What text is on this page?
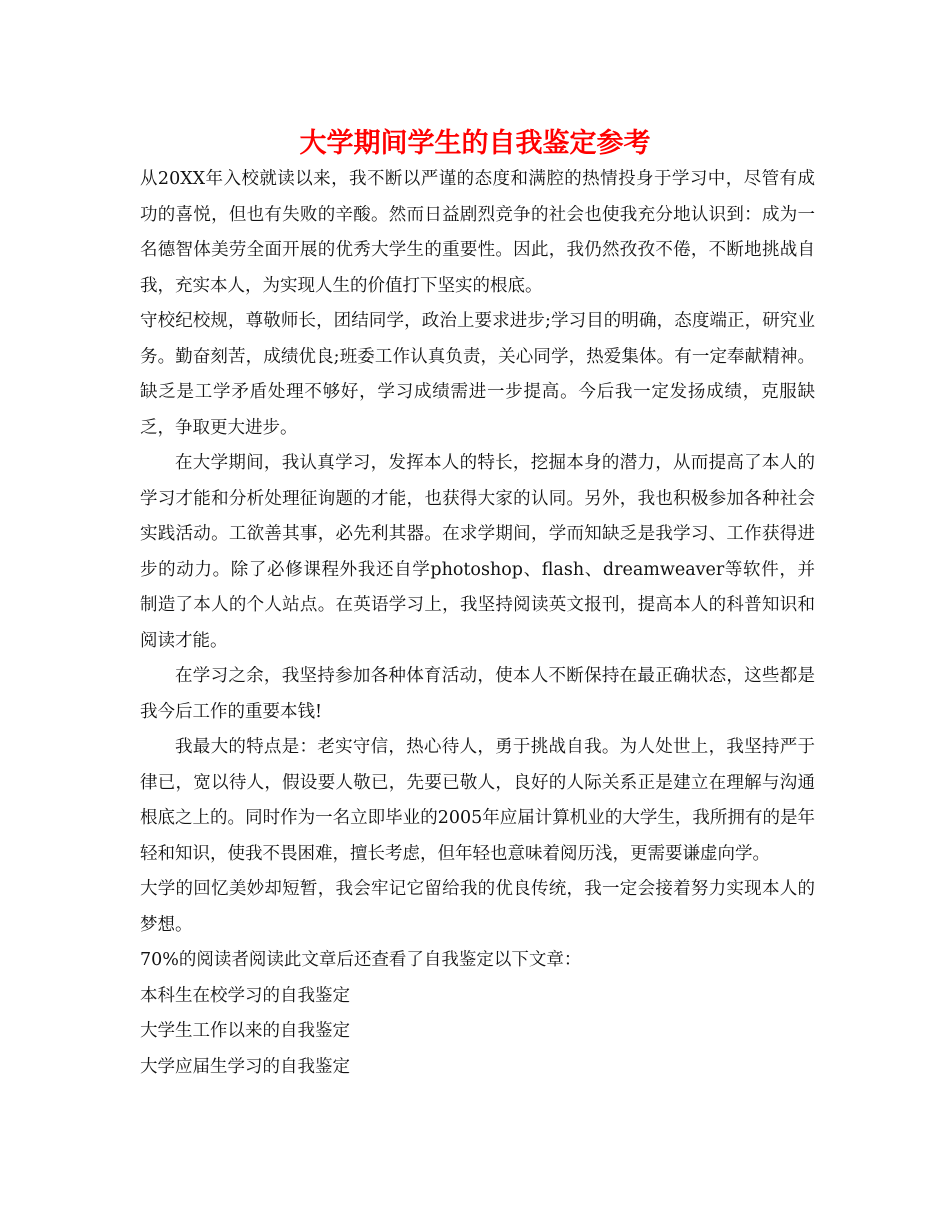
大学期间学生的自我鉴定参考

从20XX年入校就读以来，我不断以严谨的态度和满腔的热情投身于学习中，尽管有成功的喜悦，但也有失败的辛酸。然而日益剧烈竞争的社会也使我充分地认识到：成为一名德智体美劳全面开展的优秀大学生的重要性。因此，我仍然孜孜不倦，不断地挑战自我，充实本人，为实现人生的价值打下坚实的根底。

守校纪校规，尊敬师长，团结同学，政治上要求进步;学习目的明确，态度端正，研究业务。勤奋刻苦，成绩优良;班委工作认真负责，关心同学，热爱集体。有一定奉献精神。缺乏是工学矛盾处理不够好，学习成绩需进一步提高。今后我一定发扬成绩，克服缺乏，争取更大进步。

在大学期间，我认真学习，发挥本人的特长，挖掘本身的潜力，从而提高了本人的学习才能和分析处理征询题的才能，也获得大家的认同。另外，我也积极参加各种社会实践活动。工欲善其事，必先利其器。在求学期间，学而知缺乏是我学习、工作获得进步的动力。除了必修课程外我还自学photoshop、flash、dreamweaver等软件，并制造了本人的个人站点。在英语学习上，我坚持阅读英文报刊，提高本人的科普知识和阅读才能。

在学习之余，我坚持参加各种体育活动，使本人不断保持在最正确状态，这些都是我今后工作的重要本钱!

我最大的特点是：老实守信，热心待人，勇于挑战自我。为人处世上，我坚持严于律已，宽以待人，假设要人敬已，先要已敬人，良好的人际关系正是建立在理解与沟通根底之上的。同时作为一名立即毕业的2005年应届计算机业的大学生，我所拥有的是年轻和知识，使我不畏困难，擅长考虑，但年轻也意味着阅历浅，更需要谦虚向学。

大学的回忆美妙却短暂，我会牢记它留给我的优良传统，我一定会接着努力实现本人的梦想。

70%的阅读者阅读此文章后还查看了自我鉴定以下文章：

本科生在校学习的自我鉴定

大学生工作以来的自我鉴定

大学应届生学习的自我鉴定
